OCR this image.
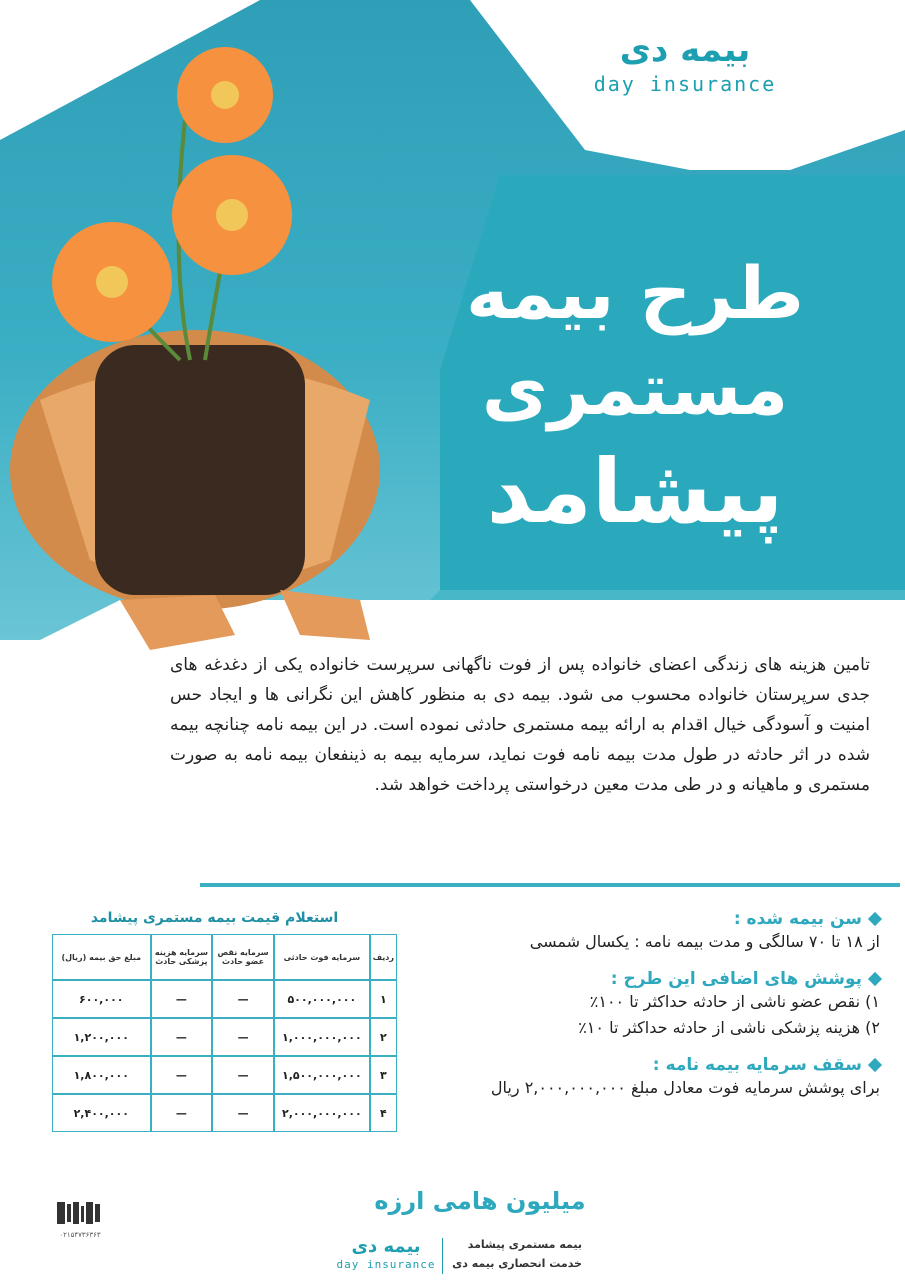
بیمه دی
day insurance
طرح بیمه
مستمری
پیشامد

تامین هزینه های زندگی اعضای خانواده پس از فوت ناگهانی سرپرست خانواده یکی از دغدغه های جدی سرپرستان خانواده محسوب می شود. بیمه دی به منظور کاهش این نگرانی ها و ایجاد حس امنیت و آسودگی خیال اقدام به ارائه بیمه مستمری حادثی نموده است. در این بیمه نامه چنانچه بیمه شده در اثر حادثه در طول مدت بیمه نامه فوت نماید، سرمایه بیمه به ذینفعان بیمه نامه به صورت مستمری و ماهیانه و در طی مدت معین درخواستی پرداخت خواهد شد.

سن بیمه شده :
از ۱۸ تا ۷۰ سالگی و مدت بیمه نامه : یکسال شمسی
پوشش های اضافی این طرح :
۱) نقص عضو ناشی از حادثه حداکثر تا ۱۰۰٪
۲) هزینه پزشکی ناشی از حادثه حداکثر تا ۱۰٪
سقف سرمایه بیمه نامه :
برای پوشش سرمایه فوت معادل مبلغ ۲,۰۰۰,۰۰۰,۰۰۰ ریال
استعلام قیمت بیمه مستمری پیشامد
ردیف	سرمایه فوت حادثی	سرمایه نقص عضو حادث	سرمایه هزینه پزشکی حادث	مبلغ حق بیمه (ریال)
۱	۵۰۰,۰۰۰,۰۰۰	—	—	۶۰۰,۰۰۰
۲	۱,۰۰۰,۰۰۰,۰۰۰	—	—	۱,۲۰۰,۰۰۰
۳	۱,۵۰۰,۰۰۰,۰۰۰	—	—	۱,۸۰۰,۰۰۰
۴	۲,۰۰۰,۰۰۰,۰۰۰	—	—	۲,۴۰۰,۰۰۰
۰۲۱۵۴۷۳۶۳۶۳
میلیون هامی ارزه
بیمه دی
day insurance
بیمه مستمری پیشامد
خدمت انحصاری بیمه دی
